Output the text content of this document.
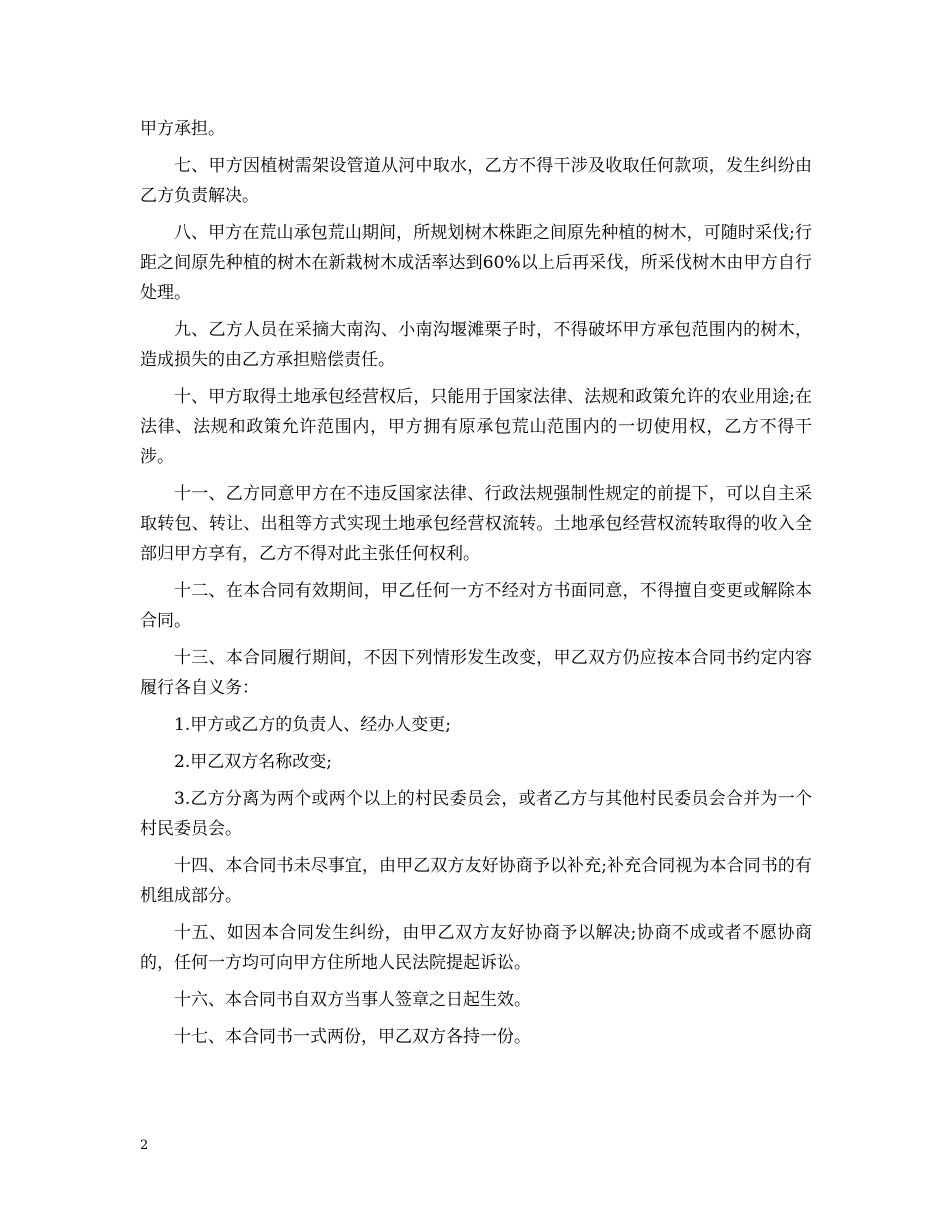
甲方承担。

七、甲方因植树需架设管道从河中取水，乙方不得干涉及收取任何款项，发生纠纷由乙方负责解决。

八、甲方在荒山承包荒山期间，所规划树木株距之间原先种植的树木，可随时采伐;行距之间原先种植的树木在新栽树木成活率达到60%以上后再采伐，所采伐树木由甲方自行处理。

九、乙方人员在采摘大南沟、小南沟堰滩栗子时，不得破坏甲方承包范围内的树木，造成损失的由乙方承担赔偿责任。

十、甲方取得土地承包经营权后，只能用于国家法律、法规和政策允许的农业用途;在法律、法规和政策允许范围内，甲方拥有原承包荒山范围内的一切使用权，乙方不得干涉。

十一、乙方同意甲方在不违反国家法律、行政法规强制性规定的前提下，可以自主采取转包、转让、出租等方式实现土地承包经营权流转。土地承包经营权流转取得的收入全部归甲方享有，乙方不得对此主张任何权利。

十二、在本合同有效期间，甲乙任何一方不经对方书面同意，不得擅自变更或解除本合同。

十三、本合同履行期间，不因下列情形发生改变，甲乙双方仍应按本合同书约定内容履行各自义务：

1.甲方或乙方的负责人、经办人变更;

2.甲乙双方名称改变;

3.乙方分离为两个或两个以上的村民委员会，或者乙方与其他村民委员会合并为一个村民委员会。

十四、本合同书未尽事宜，由甲乙双方友好协商予以补充;补充合同视为本合同书的有机组成部分。

十五、如因本合同发生纠纷，由甲乙双方友好协商予以解决;协商不成或者不愿协商的，任何一方均可向甲方住所地人民法院提起诉讼。

十六、本合同书自双方当事人签章之日起生效。

十七、本合同书一式两份，甲乙双方各持一份。

2
